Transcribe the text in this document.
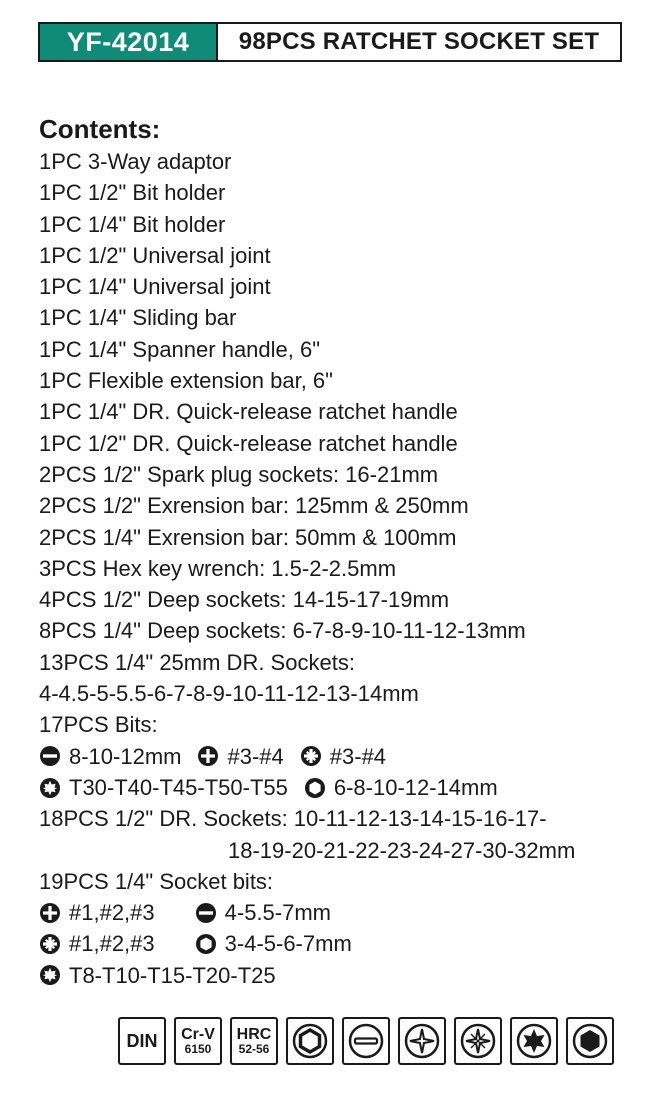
YF-42014	98PCS RATCHET SOCKET SET
Contents:
1PC 3-Way adaptor
1PC 1/2" Bit holder
1PC 1/4" Bit holder
1PC 1/2" Universal joint
1PC 1/4" Universal joint
1PC 1/4" Sliding bar
1PC 1/4" Spanner handle, 6"
1PC Flexible extension bar, 6"
1PC 1/4" DR. Quick-release ratchet handle
1PC 1/2" DR. Quick-release ratchet handle
2PCS 1/2" Spark plug sockets: 16-21mm
2PCS 1/2" Exrension bar: 125mm & 250mm
2PCS 1/4" Exrension bar: 50mm & 100mm
3PCS Hex key wrench: 1.5-2-2.5mm
4PCS 1/2" Deep sockets: 14-15-17-19mm
8PCS 1/4" Deep sockets: 6-7-8-9-10-11-12-13mm
13PCS 1/4" 25mm DR. Sockets:
4-4.5-5-5.5-6-7-8-9-10-11-12-13-14mm
17PCS Bits:
8-10-12mm #3-#4 #3-#4
T30-T40-T45-T50-T55 6-8-10-12-14mm
18PCS 1/2" DR. Sockets: 10-11-12-13-14-15-16-17-
18-19-20-21-22-23-24-27-30-32mm
19PCS 1/4" Socket bits:
#1,#2,#3	4-5.5-7mm
#1,#2,#3	3-4-5-6-7mm
T8-T10-T15-T20-T25
DIN Cr-V
6150
HRC
52-56
